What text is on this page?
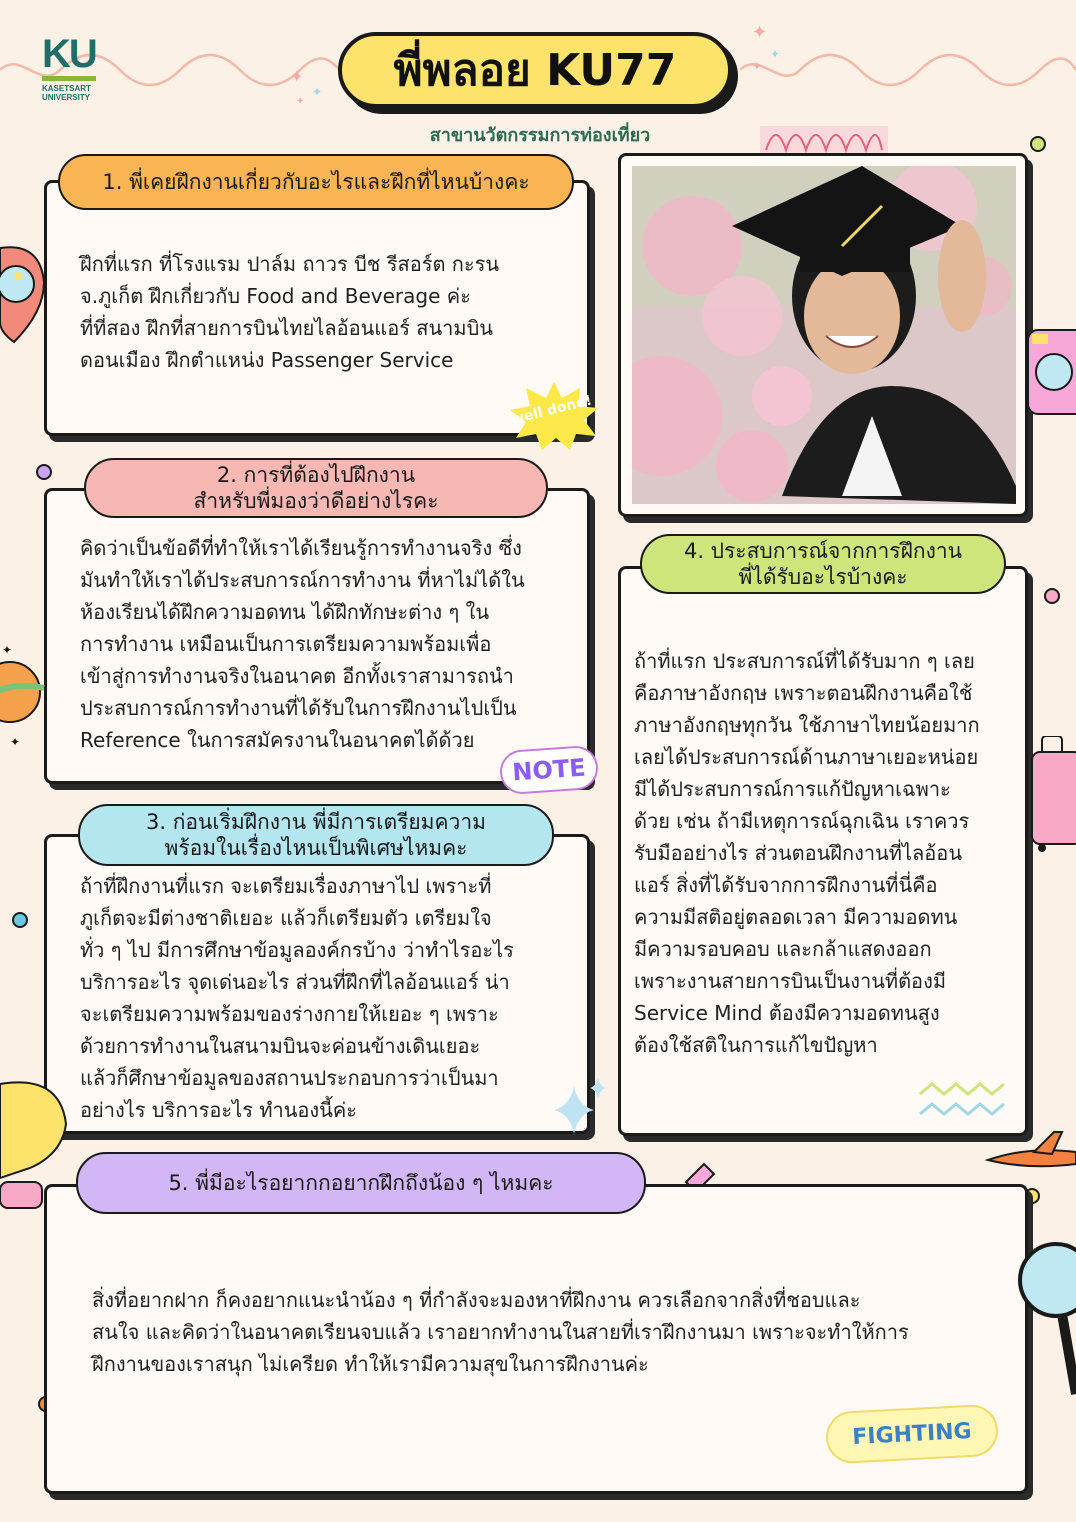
✦
✦
✦
✦
✦
✦
KU
KASETSART
UNIVERSITY
พี่พลอย KU77
สาขานวัตกรรมการท่องเที่ยว
1. พี่เคยฝึกงานเกี่ยวกับอะไรและฝึกที่ไหนบ้างคะ
ฝึกที่แรก ที่โรงแรม ปาล์ม ถาวร บีช รีสอร์ต กะรน
จ.ภูเก็ต ฝึกเกี่ยวกับ Food and Beverage ค่ะ
ที่ที่สอง ฝึกที่สายการบินไทยไลอ้อนแอร์ สนามบิน
ดอนเมือง ฝึกตำแหน่ง Passenger Service
well done!
2. การที่ต้องไปฝึกงาน
สำหรับพี่มองว่าดีอย่างไรคะ
คิดว่าเป็นข้อดีที่ทำให้เราได้เรียนรู้การทำงานจริง ซึ่ง
มันทำให้เราได้ประสบการณ์การทำงาน ที่หาไม่ได้ใน
ห้องเรียนได้ฝึกความอดทน ได้ฝึกทักษะต่าง ๆ ใน
การทำงาน เหมือนเป็นการเตรียมความพร้อมเพื่อ
เข้าสู่การทำงานจริงในอนาคต อีกทั้งเราสามารถนำ
ประสบการณ์การทำงานที่ได้รับในการฝึกงานไปเป็น
Reference ในการสมัครงานในอนาคตได้ด้วย
NOTE
✦
✦
3. ก่อนเริ่มฝึกงาน พี่มีการเตรียมความ
พร้อมในเรื่องไหนเป็นพิเศษไหมคะ
ถ้าที่ฝึกงานที่แรก จะเตรียมเรื่องภาษาไป เพราะที่
ภูเก็ตจะมีต่างชาติเยอะ แล้วก็เตรียมตัว เตรียมใจ
ทั่ว ๆ ไป มีการศึกษาข้อมูลองค์กรบ้าง ว่าทำไรอะไร
บริการอะไร จุดเด่นอะไร ส่วนที่ฝึกที่ไลอ้อนแอร์ น่า
จะเตรียมความพร้อมของร่างกายให้เยอะ ๆ เพราะ
ด้วยการทำงานในสนามบินจะค่อนข้างเดินเยอะ
แล้วก็ศึกษาข้อมูลของสถานประกอบการว่าเป็นมา
อย่างไร บริการอะไร ทำนองนี้ค่ะ
4. ประสบการณ์จากการฝึกงาน
พี่ได้รับอะไรบ้างคะ
ถ้าที่แรก ประสบการณ์ที่ได้รับมาก ๆ เลย
คือภาษาอังกฤษ เพราะตอนฝึกงานคือใช้
ภาษาอังกฤษทุกวัน ใช้ภาษาไทยน้อยมาก
เลยได้ประสบการณ์ด้านภาษาเยอะหน่อย
มีได้ประสบการณ์การแก้ปัญหาเฉพาะ
ด้วย เช่น ถ้ามีเหตุการณ์ฉุกเฉิน เราควร
รับมืออย่างไร ส่วนตอนฝึกงานที่ไลอ้อน
แอร์ สิ่งที่ได้รับจากการฝึกงานที่นี่คือ
ความมีสติอยู่ตลอดเวลา มีความอดทน
มีความรอบคอบ และกล้าแสดงออก
เพราะงานสายการบินเป็นงานที่ต้องมี
Service Mind ต้องมีความอดทนสูง
ต้องใช้สติในการแก้ไขปัญหา
5. พี่มีอะไรอยากกอยากฝึกถึงน้อง ๆ ไหมคะ
สิ่งที่อยากฝาก ก็คงอยากแนะนำน้อง ๆ ที่กำลังจะมองหาที่ฝึกงาน ควรเลือกจากสิ่งที่ชอบและ
สนใจ และคิดว่าในอนาคตเรียนจบแล้ว เราอยากทำงานในสายที่เราฝึกงานมา เพราะจะทำให้การ
ฝึกงานของเราสนุก ไม่เครียด ทำให้เรามีความสุขในการฝึกงานค่ะ
FIGHTING
